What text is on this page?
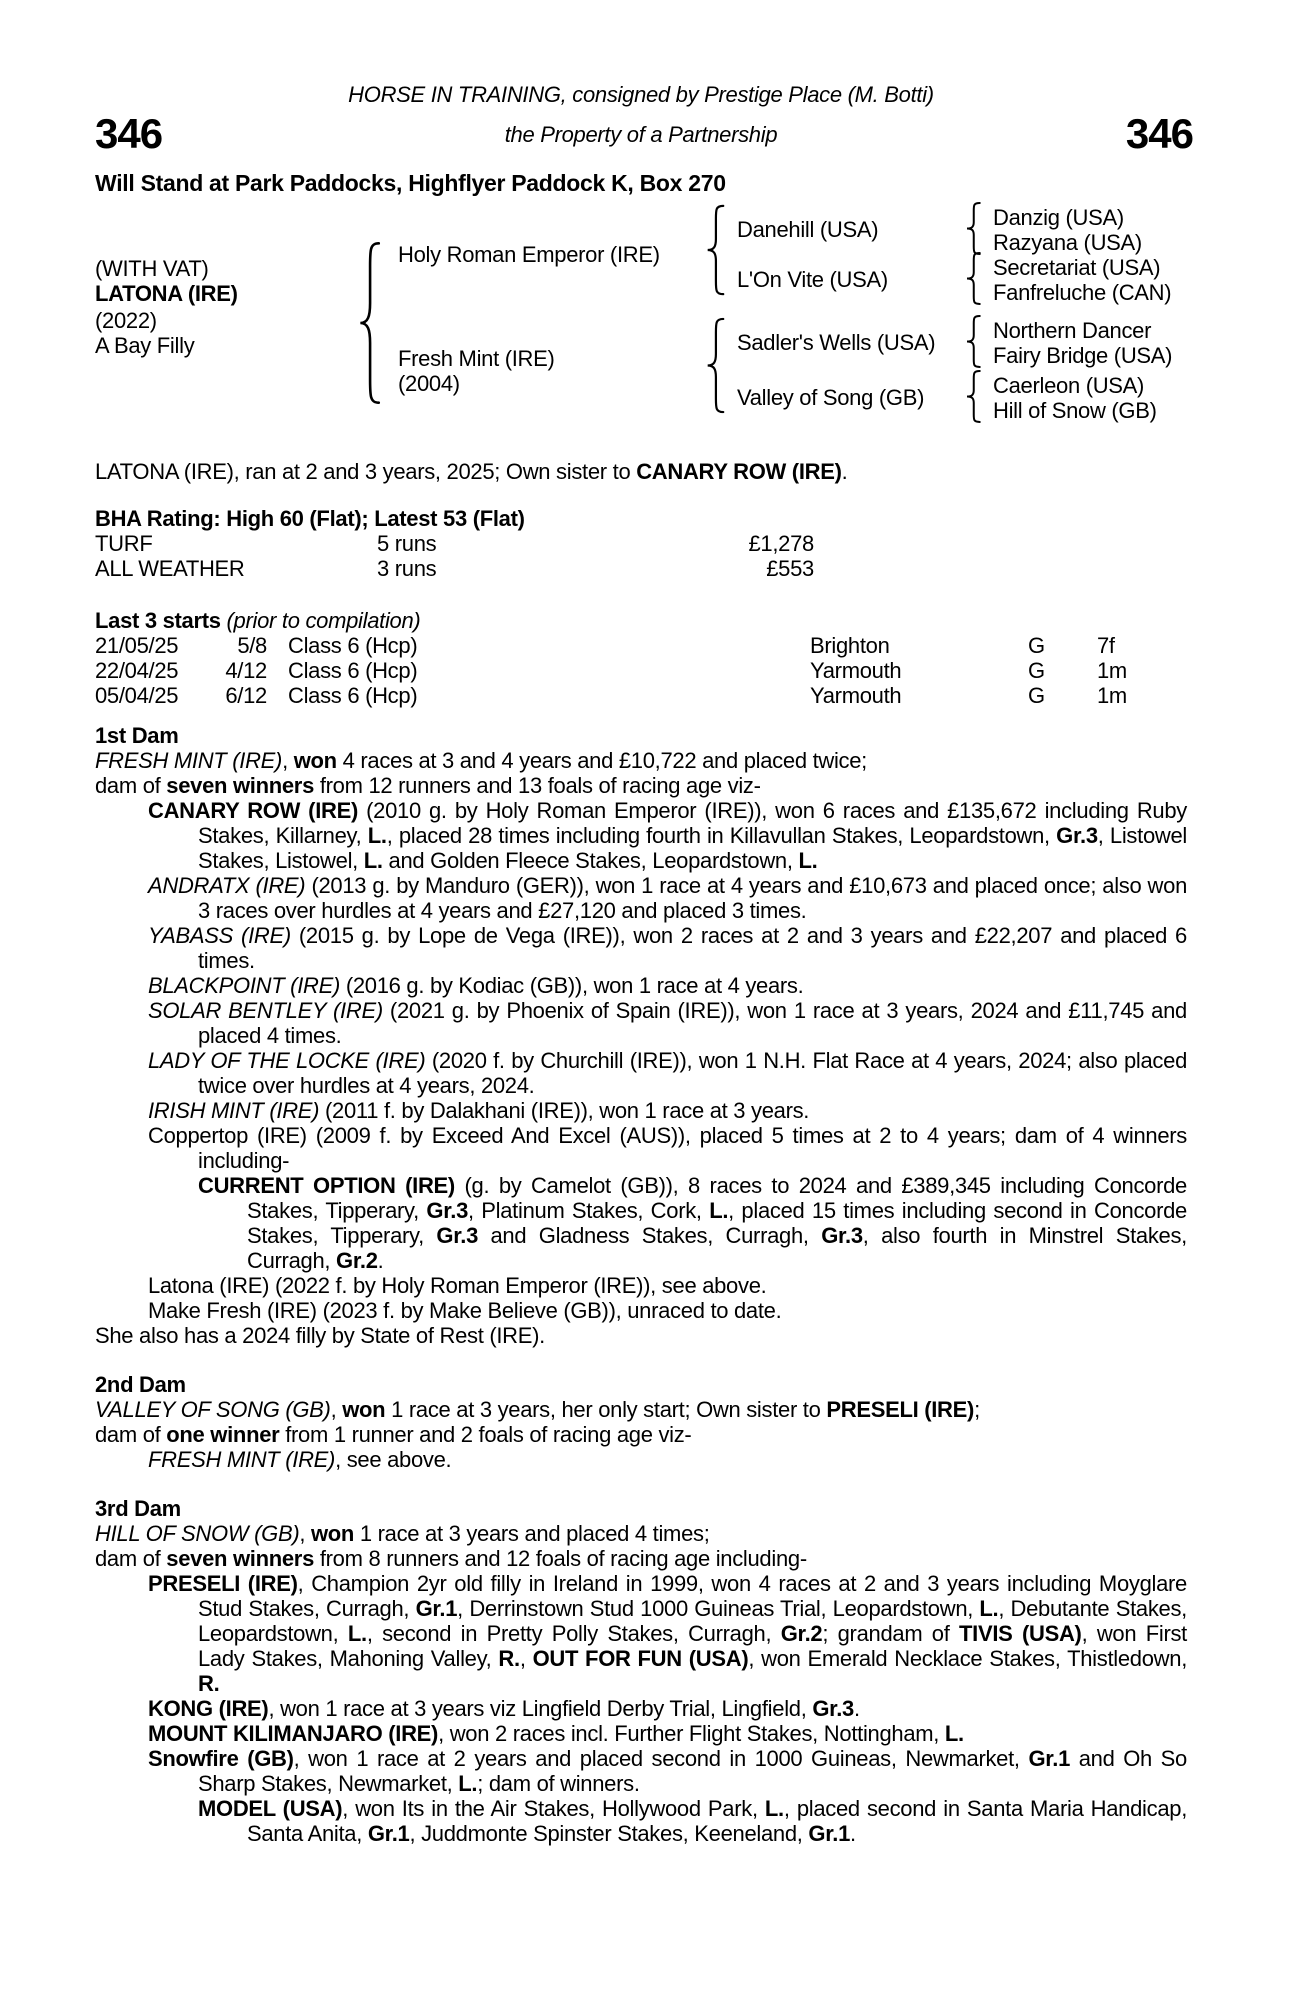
HORSE IN TRAINING, consigned by Prestige Place (M. Botti)
346	the Property of a Partnership	346
Will Stand at Park Paddocks, Highflyer Paddock K, Box 270
(WITH VAT)
LATONA (IRE)
(2022)
A Bay Filly
Holy Roman Emperor (IRE)
Fresh Mint (IRE)
(2004)
Danehill (USA)
L'On Vite (USA)
Sadler's Wells (USA)
Valley of Song (GB)
Danzig (USA)
Razyana (USA)
Secretariat (USA)
Fanfreluche (CAN)
Northern Dancer
Fairy Bridge (USA)
Caerleon (USA)
Hill of Snow (GB)
LATONA (IRE), ran at 2 and 3 years, 2025; Own sister to CANARY ROW (IRE).
BHA Rating: High 60 (Flat); Latest 53 (Flat)
TURF	5 runs	£1,278
ALL WEATHER	3 runs	£553
Last 3 starts (prior to compilation)
21/05/25	5/8 Class 6 (Hcp)	Brighton	G 7f
22/04/25	4/12 Class 6 (Hcp)	Yarmouth	G 1m
05/04/25	6/12 Class 6 (Hcp)	Yarmouth	G 1m
1st Dam
FRESH MINT (IRE), won 4 races at 3 and 4 years and £10,722 and placed twice;
dam of seven winners from 12 runners and 13 foals of racing age viz-
CANARY ROW (IRE) (2010 g. by Holy Roman Emperor (IRE)), won 6 races and £135,672 including Ruby Stakes, Killarney, L., placed 28 times including fourth in Killavullan Stakes, Leopardstown, Gr.3, Listowel Stakes, Listowel, L. and Golden Fleece Stakes, Leopardstown, L.
ANDRATX (IRE) (2013 g. by Manduro (GER)), won 1 race at 4 years and £10,673 and placed once; also won 3 races over hurdles at 4 years and £27,120 and placed 3 times.
YABASS (IRE) (2015 g. by Lope de Vega (IRE)), won 2 races at 2 and 3 years and £22,207 and placed 6 times.
BLACKPOINT (IRE) (2016 g. by Kodiac (GB)), won 1 race at 4 years.
SOLAR BENTLEY (IRE) (2021 g. by Phoenix of Spain (IRE)), won 1 race at 3 years, 2024 and £11,745 and placed 4 times.
LADY OF THE LOCKE (IRE) (2020 f. by Churchill (IRE)), won 1 N.H. Flat Race at 4 years, 2024; also placed twice over hurdles at 4 years, 2024.
IRISH MINT (IRE) (2011 f. by Dalakhani (IRE)), won 1 race at 3 years.
Coppertop (IRE) (2009 f. by Exceed And Excel (AUS)), placed 5 times at 2 to 4 years; dam of 4 winners including-
CURRENT OPTION (IRE) (g. by Camelot (GB)), 8 races to 2024 and £389,345 including Concorde Stakes, Tipperary, Gr.3, Platinum Stakes, Cork, L., placed 15 times including second in Concorde Stakes, Tipperary, Gr.3 and Gladness Stakes, Curragh, Gr.3, also fourth in Minstrel Stakes, Curragh, Gr.2.
Latona (IRE) (2022 f. by Holy Roman Emperor (IRE)), see above.
Make Fresh (IRE) (2023 f. by Make Believe (GB)), unraced to date.
She also has a 2024 filly by State of Rest (IRE).
2nd Dam
VALLEY OF SONG (GB), won 1 race at 3 years, her only start; Own sister to PRESELI (IRE);
dam of one winner from 1 runner and 2 foals of racing age viz-
FRESH MINT (IRE), see above.
3rd Dam
HILL OF SNOW (GB), won 1 race at 3 years and placed 4 times;
dam of seven winners from 8 runners and 12 foals of racing age including-
PRESELI (IRE), Champion 2yr old filly in Ireland in 1999, won 4 races at 2 and 3 years including Moyglare Stud Stakes, Curragh, Gr.1, Derrinstown Stud 1000 Guineas Trial, Leopardstown, L., Debutante Stakes, Leopardstown, L., second in Pretty Polly Stakes, Curragh, Gr.2; grandam of TIVIS (USA), won First Lady Stakes, Mahoning Valley, R., OUT FOR FUN (USA), won Emerald Necklace Stakes, Thistledown, R.
KONG (IRE), won 1 race at 3 years viz Lingfield Derby Trial, Lingfield, Gr.3.
MOUNT KILIMANJARO (IRE), won 2 races incl. Further Flight Stakes, Nottingham, L.
Snowfire (GB), won 1 race at 2 years and placed second in 1000 Guineas, Newmarket, Gr.1 and Oh So Sharp Stakes, Newmarket, L.; dam of winners.
MODEL (USA), won Its in the Air Stakes, Hollywood Park, L., placed second in Santa Maria Handicap, Santa Anita, Gr.1, Juddmonte Spinster Stakes, Keeneland, Gr.1.
